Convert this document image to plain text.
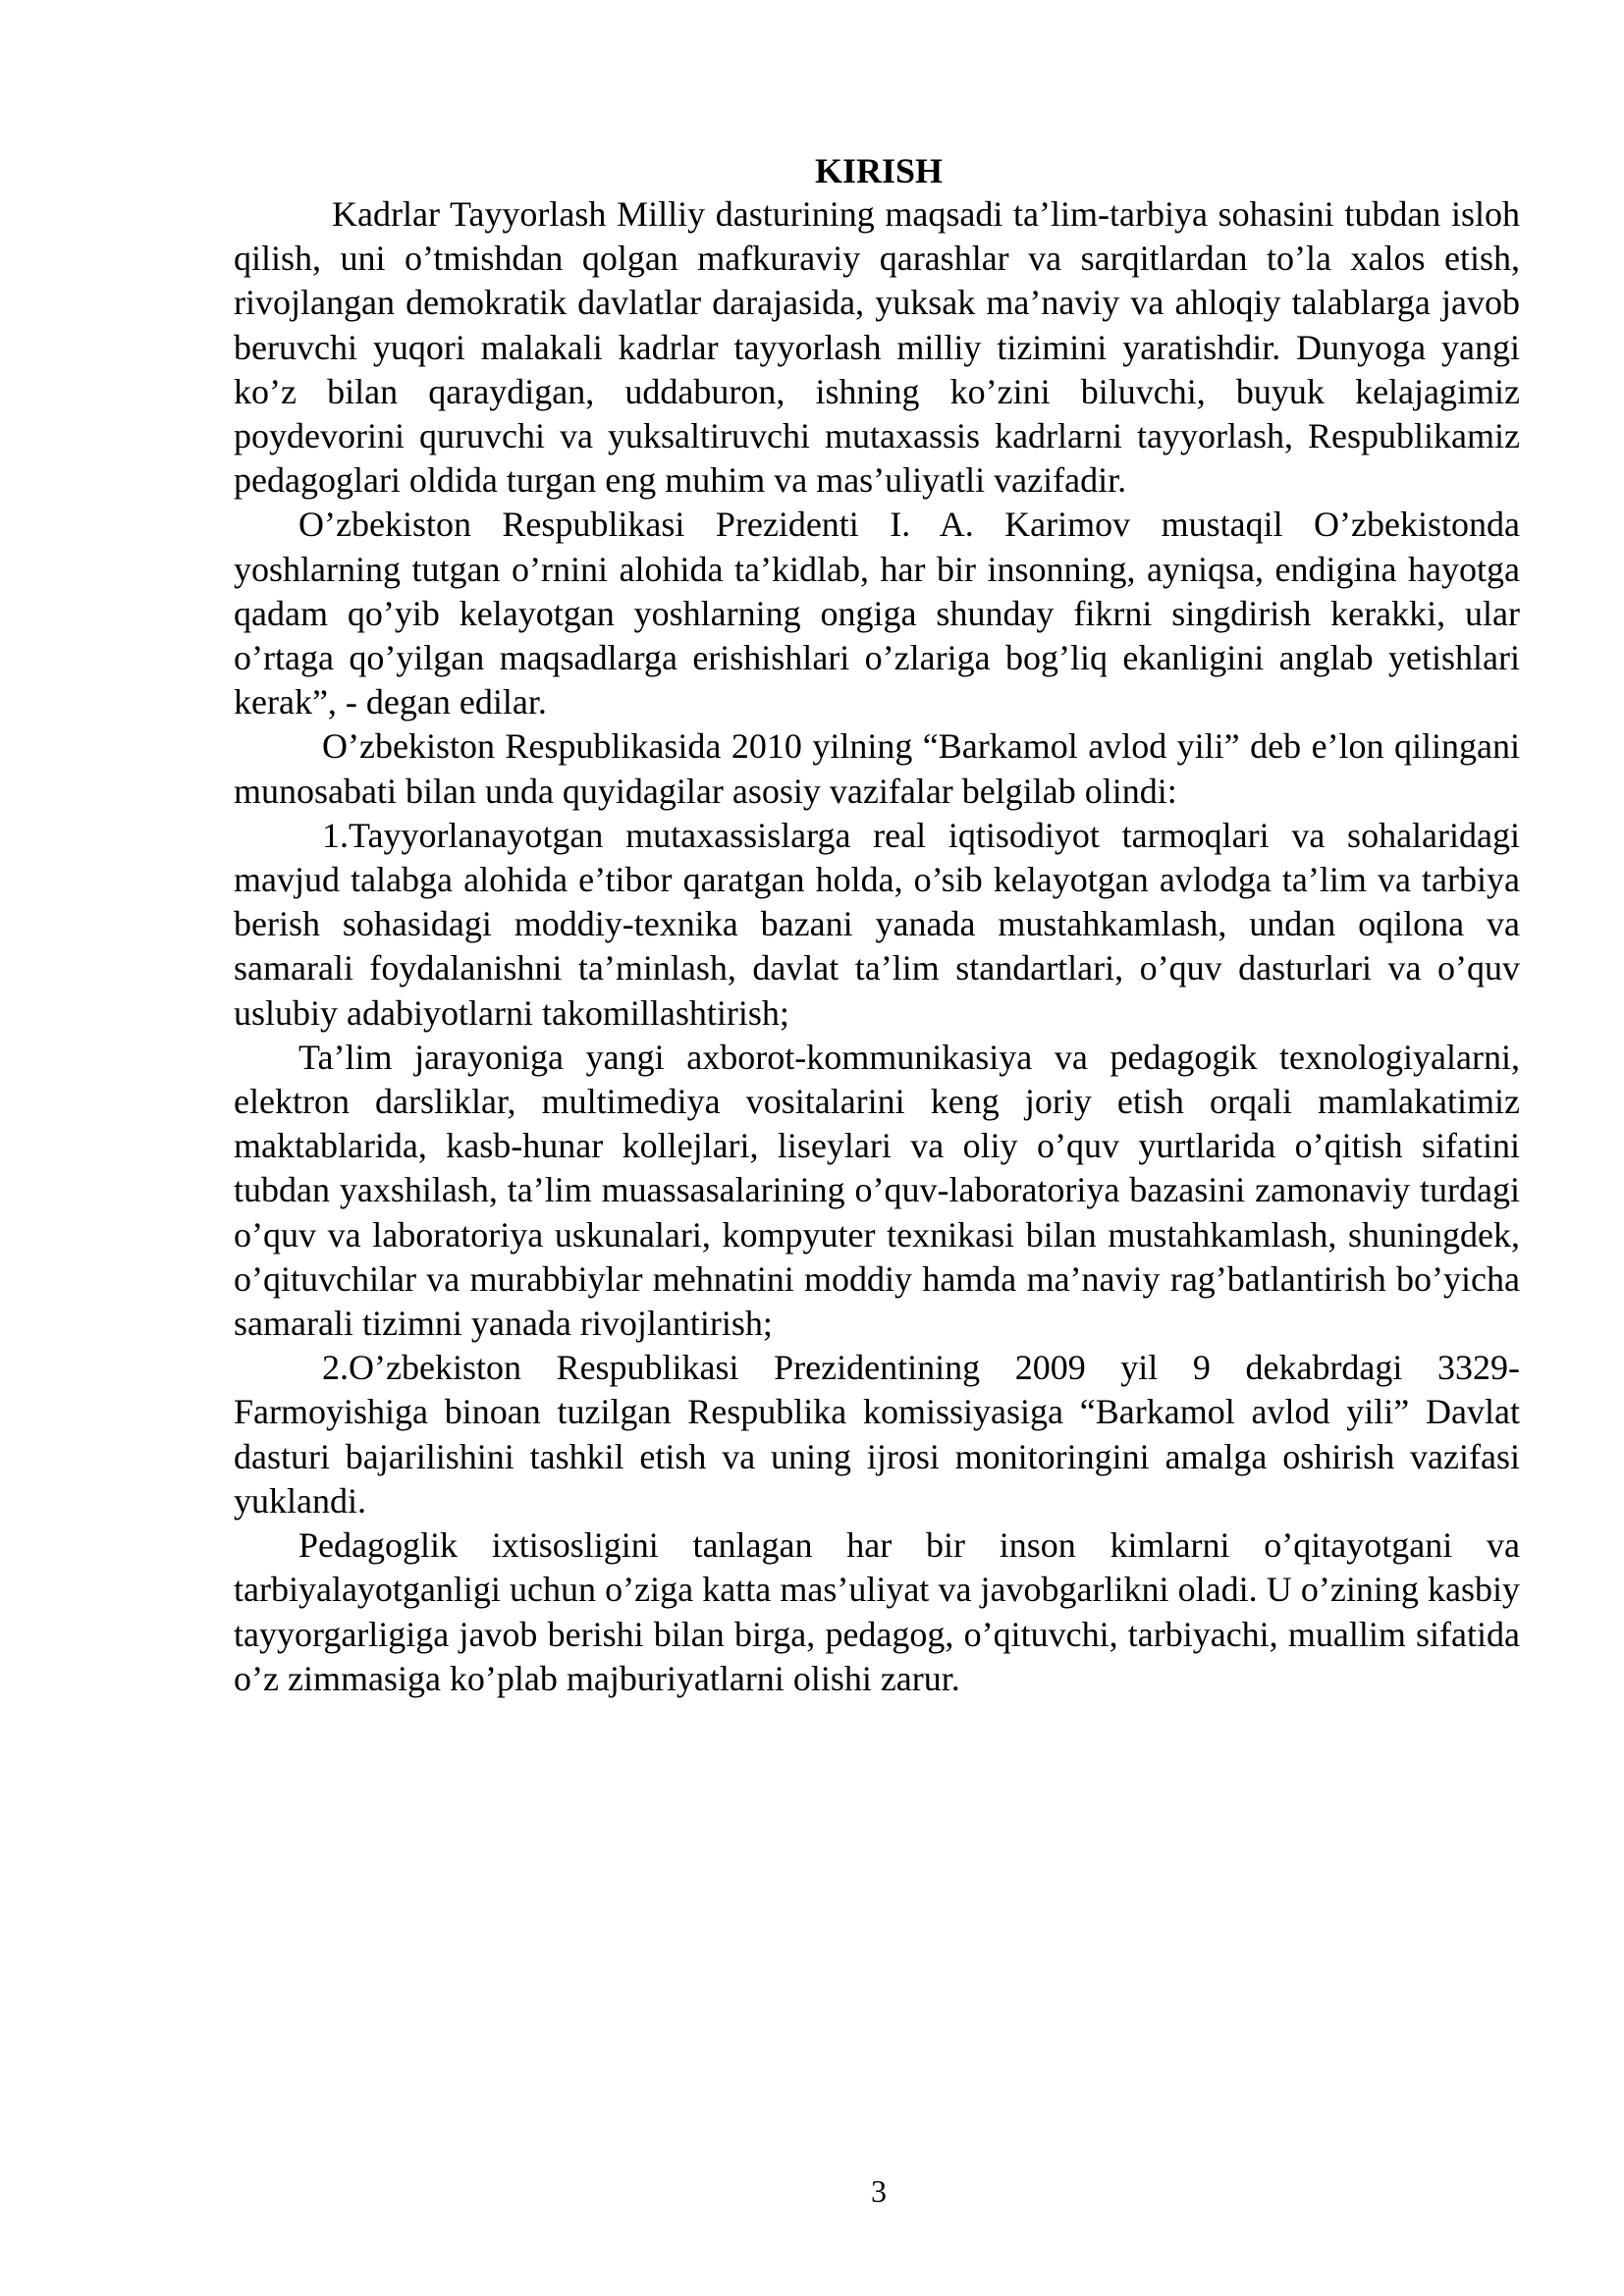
KIRISH

Kadrlar Tayyorlash Milliy dasturining maqsadi ta’lim-tarbiya sohasini tubdan isloh qilish, uni o’tmishdan qolgan mafkuraviy qarashlar va sarqitlardan to’la xalos etish, rivojlangan demokratik davlatlar darajasida, yuksak ma’naviy va ahloqiy talablarga javob beruvchi yuqori malakali kadrlar tayyorlash milliy tizimini yaratishdir. Dunyoga yangi ko’z bilan qaraydigan, uddaburon, ishning ko’zini biluvchi, buyuk kelajagimiz poydevorini quruvchi va yuksaltiruvchi mutaxassis kadrlarni tayyorlash, Respublikamiz pedagoglari oldida turgan eng muhim va mas’uliyatli vazifadir.

O’zbekiston Respublikasi Prezidenti I. A. Karimov mustaqil O’zbekistonda yoshlarning tutgan o’rnini alohida ta’kidlab, har bir insonning, ayniqsa, endigina hayotga qadam qo’yib kelayotgan yoshlarning ongiga shunday fikrni singdirish kerakki, ular o’rtaga qo’yilgan maqsadlarga erishishlari o’zlariga bog’liq ekanligini anglab yetishlari kerak”, - degan edilar.

O’zbekiston Respublikasida 2010 yilning “Barkamol avlod yili” deb e’lon qilingani munosabati bilan unda quyidagilar asosiy vazifalar belgilab olindi:

1.Tayyorlanayotgan mutaxassislarga real iqtisodiyot tarmoqlari va sohalaridagi mavjud talabga alohida e’tibor qaratgan holda, o’sib kelayotgan avlodga ta’lim va tarbiya berish sohasidagi moddiy-texnika bazani yanada mustahkamlash, undan oqilona va samarali foydalanishni ta’minlash, davlat ta’lim standartlari, o’quv dasturlari va o’quv uslubiy adabiyotlarni takomillashtirish;

Ta’lim jarayoniga yangi axborot-kommunikasiya va pedagogik texnologiyalarni, elektron darsliklar, multimediya vositalarini keng joriy etish orqali mamlakatimiz maktablarida, kasb-hunar kollejlari, liseylari va oliy o’quv yurtlarida o’qitish sifatini tubdan yaxshilash, ta’lim muassasalarining o’quv-laboratoriya bazasini zamonaviy turdagi o’quv va laboratoriya uskunalari, kompyuter texnikasi bilan mustahkamlash, shuningdek, o’qituvchilar va murabbiylar mehnatini moddiy hamda ma’naviy rag’batlantirish bo’yicha samarali tizimni yanada rivojlantirish;

2.O’zbekiston Respublikasi Prezidentining 2009 yil 9 dekabrdagi 3329-Farmoyishiga binoan tuzilgan Respublika komissiyasiga “Barkamol avlod yili” Davlat dasturi bajarilishini tashkil etish va uning ijrosi monitoringini amalga oshirish vazifasi yuklandi.

Pedagoglik ixtisosligini tanlagan har bir inson kimlarni o’qitayotgani va tarbiyalayotganligi uchun o’ziga katta mas’uliyat va javobgarlikni oladi. U o’zining kasbiy tayyorgarligiga javob berishi bilan birga, pedagog, o’qituvchi, tarbiyachi, muallim sifatida o’z zimmasiga ko’plab majburiyatlarni olishi zarur.

3
